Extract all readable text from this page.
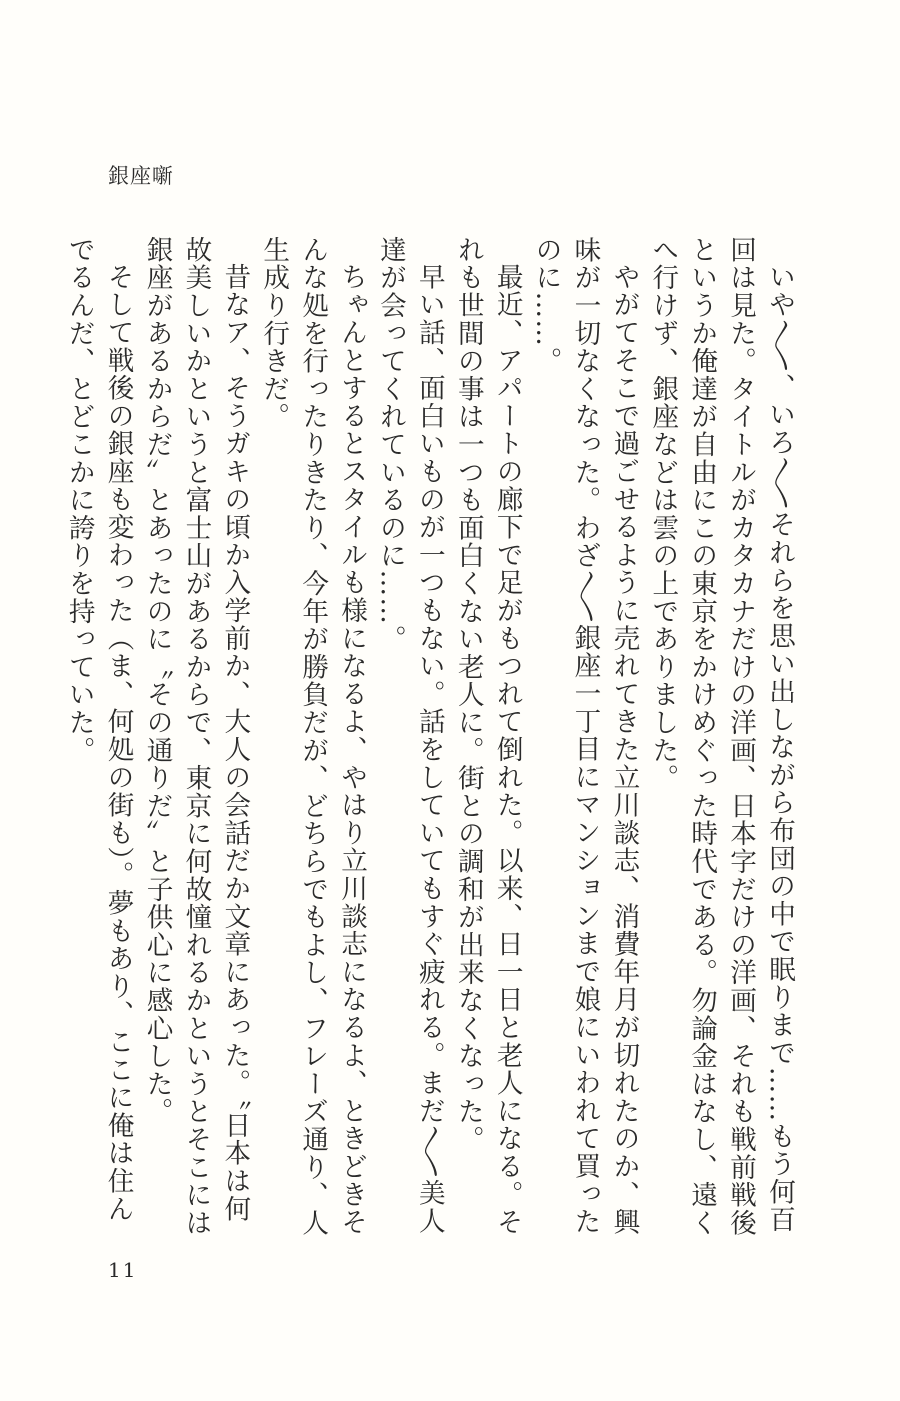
銀座噺

いや〳〵、いろ〳〵それらを思い出しながら布団の中で眠りまで……もう何百回は見た。タイトルがカタカナだけの洋画、日本字だけの洋画、それも戦前戦後というか俺達が自由にこの東京をかけめぐった時代である。勿論金はなし、遠くへ行けず、銀座などは雲の上でありました。

やがてそこで過ごせるように売れてきた立川談志、消費年月が切れたのか、興味が一切なくなった。わざ〳〵銀座一丁目にマンションまで娘にいわれて買ったのに……。

最近、アパートの廊下で足がもつれて倒れた。以来、日一日と老人になる。それも世間の事は一つも面白くない老人に。街との調和が出来なくなった。

早い話、面白いものが一つもない。話をしていてもすぐ疲れる。まだ〳〵美人達が会ってくれているのに……。

ちゃんとするとスタイルも様になるよ、やはり立川談志になるよ、ときどきそんな処を行ったりきたり、今年が勝負だが、どちらでもよし、フレーズ通り、人生成り行きだ。

昔なア、そうガキの頃か入学前か、大人の会話だか文章にあった。〝日本は何故美しいかというと富士山があるからで、東京に何故憧れるかというとそこには銀座があるからだ〟とあったのに〝その通りだ〟と子供心に感心した。

そして戦後の銀座も変わった（ま、何処の街も）。夢もあり、ここに俺は住んでるんだ、とどこかに誇りを持っていた。

11
